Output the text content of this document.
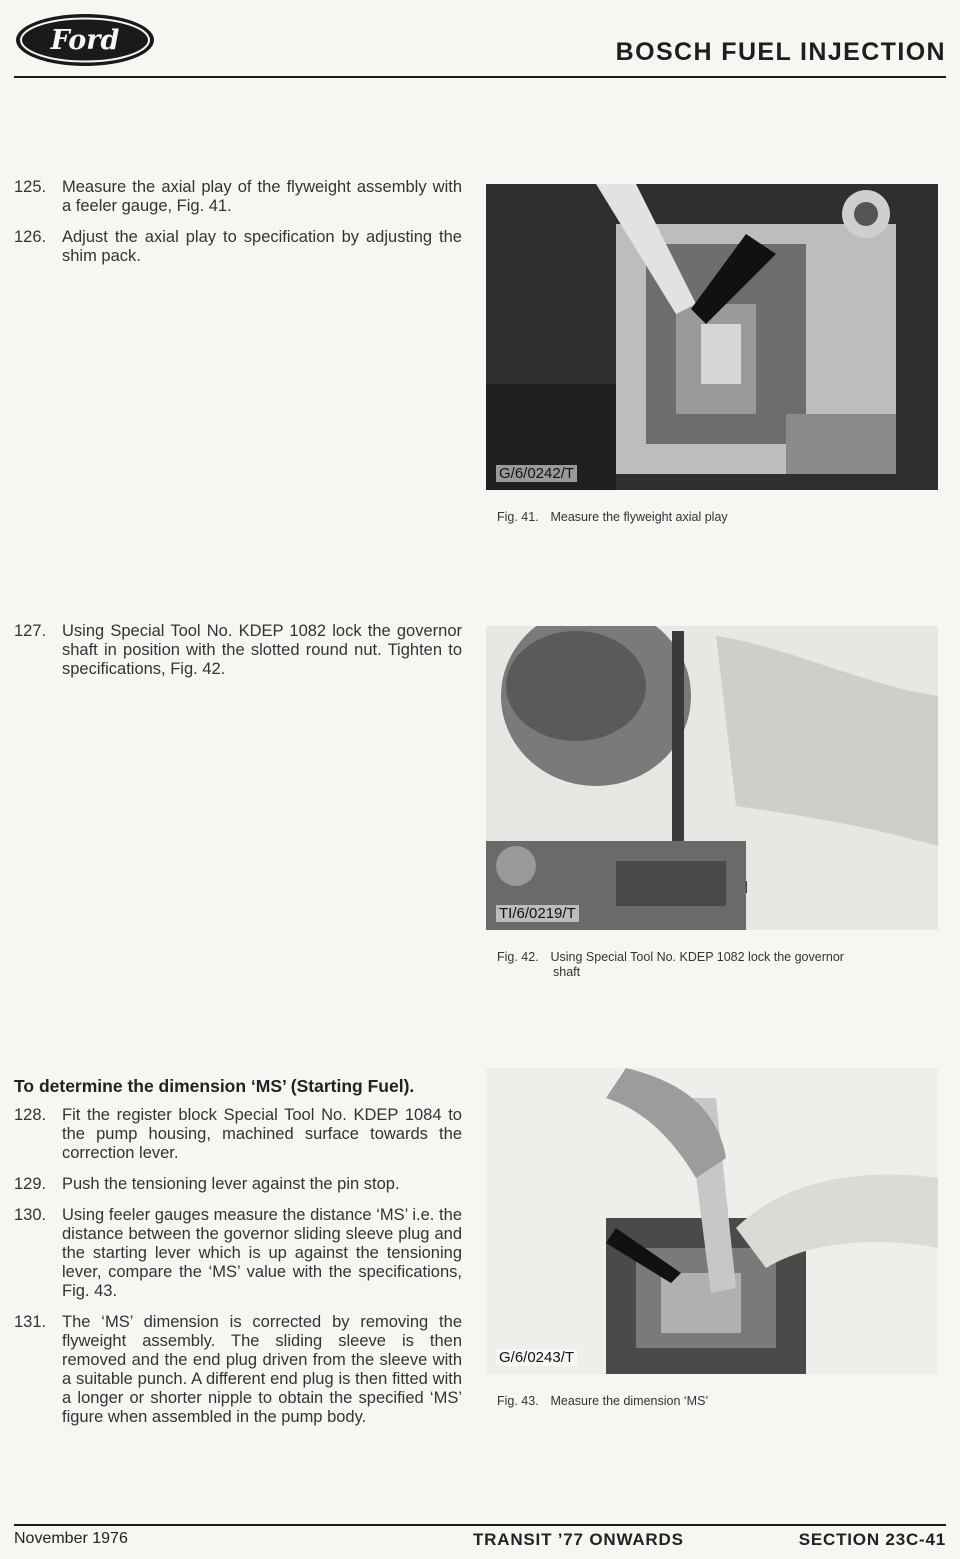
Ford	BOSCH FUEL INJECTION
125. Measure the axial play of the flyweight assembly with a feeler gauge, Fig. 41.
126. Adjust the axial play to specification by adjusting the shim pack.
127. Using Special Tool No. KDEP 1082 lock the governor shaft in position with the slotted round nut. Tighten to specifications, Fig. 42.
To determine the dimension ‘MS’ (Starting Fuel).
128. Fit the register block Special Tool No. KDEP 1084 to the pump housing, machined surface towards the correction lever.
129. Push the tensioning lever against the pin stop.
130. Using feeler gauges measure the distance ‘MS’ i.e. the distance between the governor sliding sleeve plug and the starting lever which is up against the tensioning lever, compare the ‘MS’ value with the specifications, Fig. 43.
131. The ‘MS’ dimension is corrected by removing the flyweight assembly. The sliding sleeve is then removed and the end plug driven from the sleeve with a suitable punch. A different end plug is then fitted with a longer or shorter nipple to obtain the specified ‘MS’ figure when assembled in the pump body.
G/6/0242/T
Fig. 41. Measure the flyweight axial play
TI/6/0219/T
Fig. 42. Using Special Tool No. KDEP 1082 lock the governor
shaft
G/6/0243/T
Fig. 43. Measure the dimension ‘MS’
November 1976	TRANSIT ’77 ONWARDS	SECTION 23C-41
